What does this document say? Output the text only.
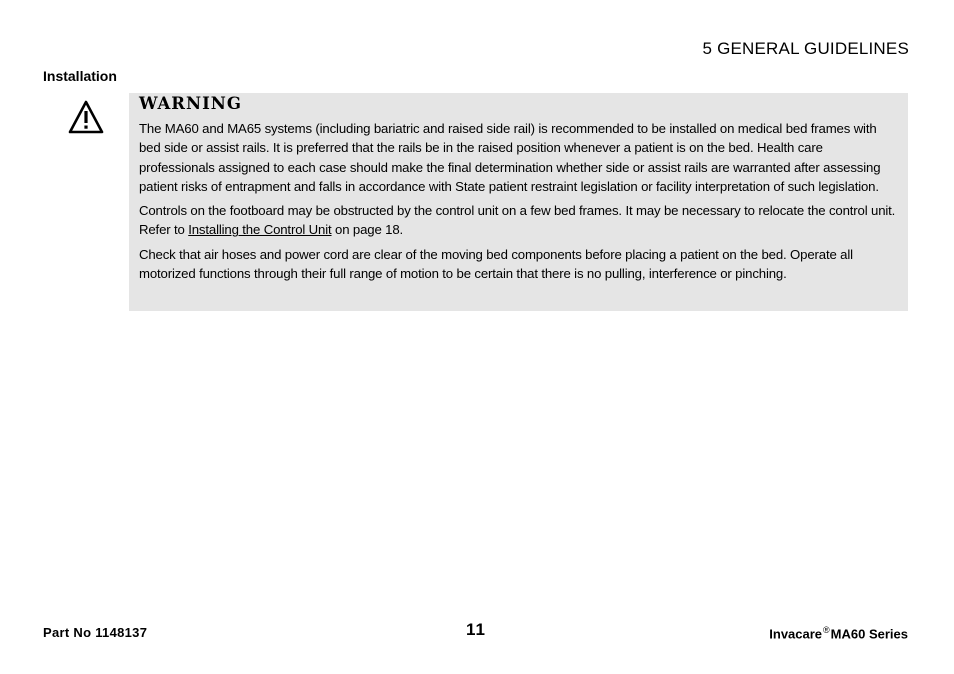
5 GENERAL GUIDELINES
Installation
WARNING

The MA60 and MA65 systems (including bariatric and raised side rail) is recommended to be installed on medical bed frames with bed side or assist rails. It is preferred that the rails be in the raised position whenever a patient is on the bed. Health care professionals assigned to each case should make the final determination whether side or assist rails are warranted after assessing patient risks of entrapment and falls in accordance with State patient restraint legislation or facility interpretation of such legislation.

Controls on the footboard may be obstructed by the control unit on a few bed frames. It may be necessary to relocate the control unit. Refer to Installing the Control Unit on page 18.

Check that air hoses and power cord are clear of the moving bed components before placing a patient on the bed. Operate all motorized functions through their full range of motion to be certain that there is no pulling, interference or pinching.

Part No 1148137	11	Invacare®MA60 Series
